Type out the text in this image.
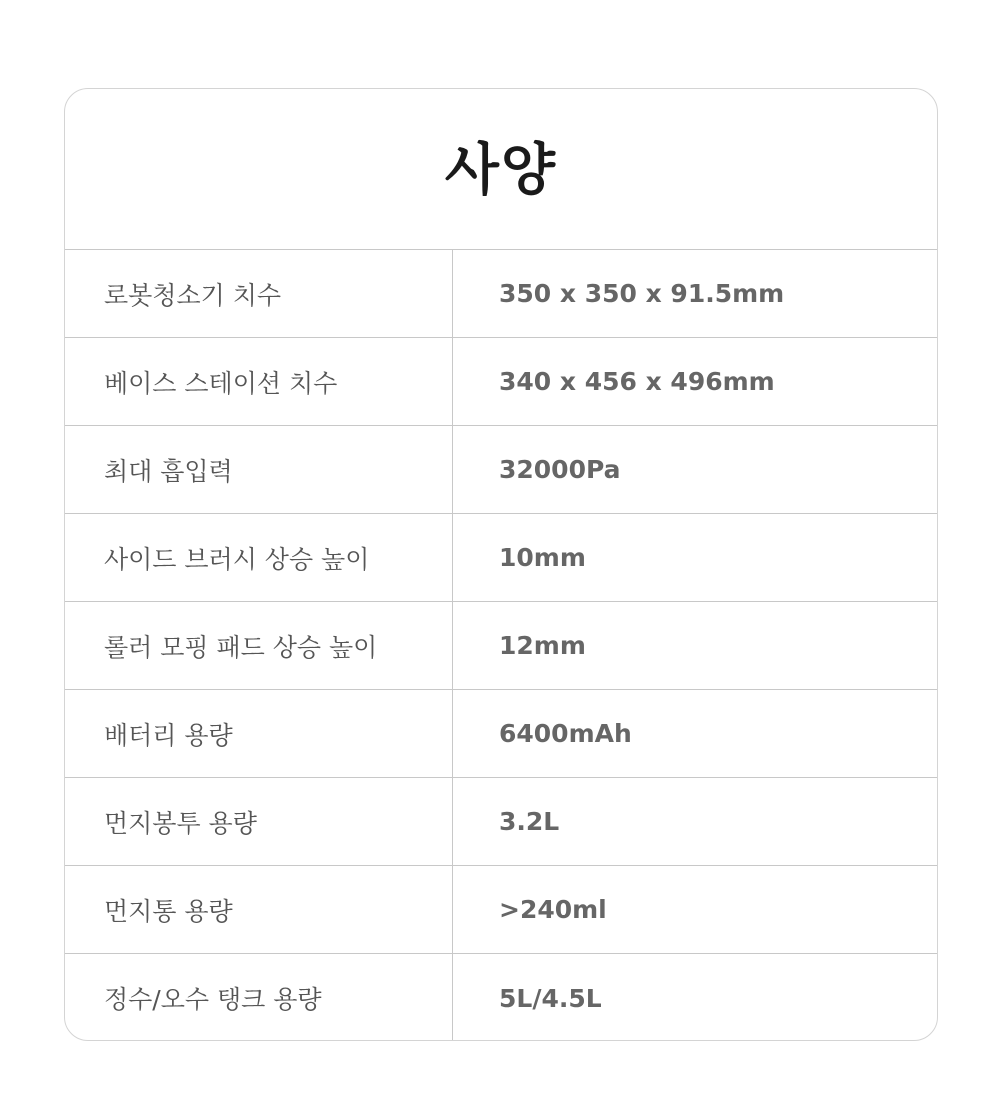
사양
로봇청소기 치수	350 x 350 x 91.5mm
베이스 스테이션 치수	340 x 456 x 496mm
최대 흡입력	32000Pa
사이드 브러시 상승 높이	10mm
롤러 모핑 패드 상승 높이	12mm
배터리 용량	6400mAh
먼지봉투 용량	3.2L
먼지통 용량	>240ml
정수/오수 탱크 용량	5L/4.5L
